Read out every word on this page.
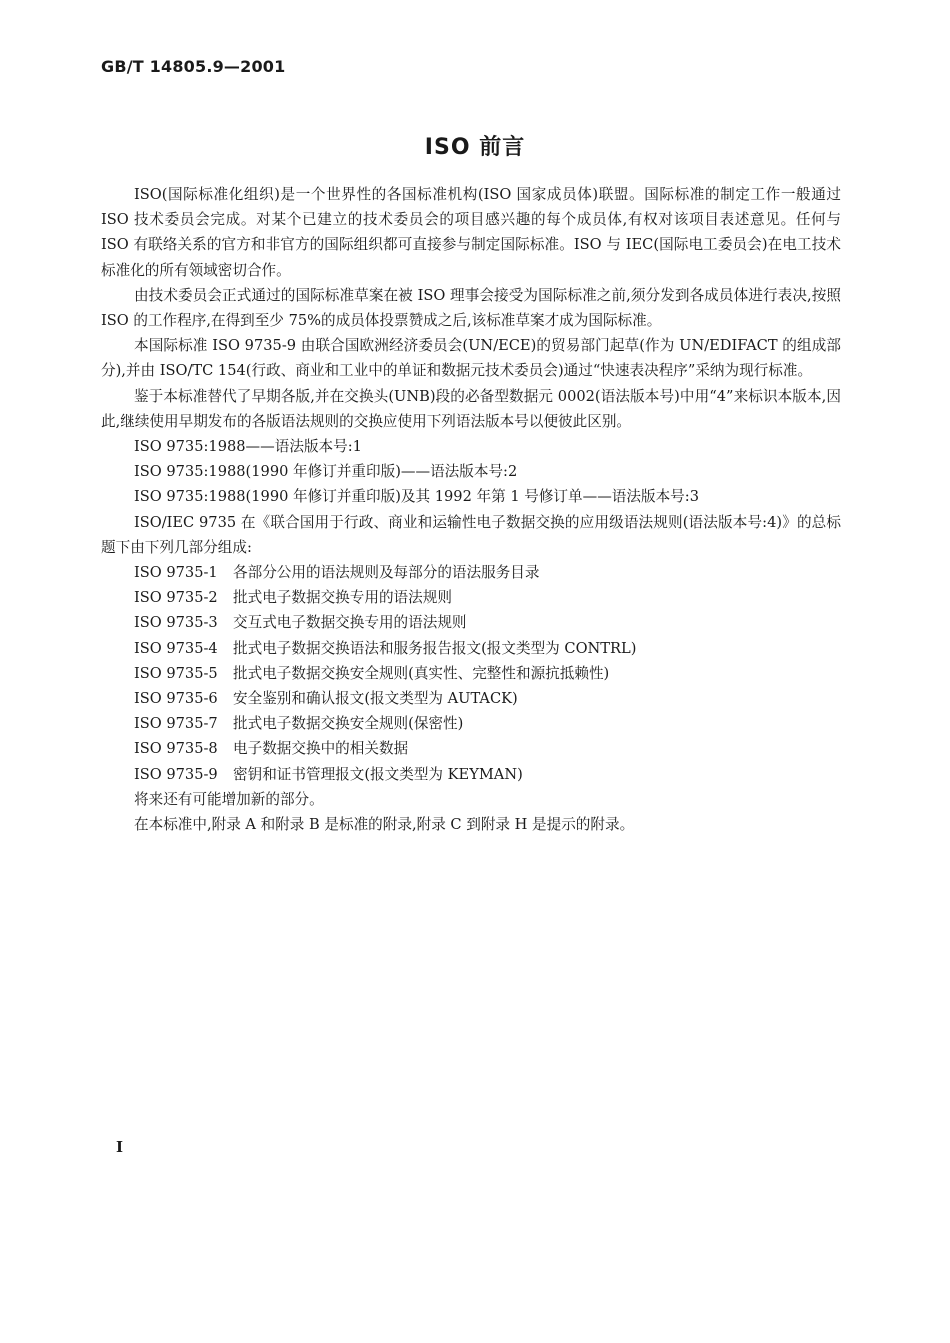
GB/T 14805.9—2001
ISO 前言

ISO(国际标准化组织)是一个世界性的各国标准机构(ISO 国家成员体)联盟。国际标准的制定工作一般通过 ISO 技术委员会完成。对某个已建立的技术委员会的项目感兴趣的每个成员体,有权对该项目表述意见。任何与 ISO 有联络关系的官方和非官方的国际组织都可直接参与制定国际标准。ISO 与 IEC(国际电工委员会)在电工技术标准化的所有领域密切合作。

由技术委员会正式通过的国际标准草案在被 ISO 理事会接受为国际标准之前,须分发到各成员体进行表决,按照 ISO 的工作程序,在得到至少 75%的成员体投票赞成之后,该标准草案才成为国际标准。

本国际标准 ISO 9735-9 由联合国欧洲经济委员会(UN/ECE)的贸易部门起草(作为 UN/EDIFACT 的组成部分),并由 ISO/TC 154(行政、商业和工业中的单证和数据元技术委员会)通过“快速表决程序”采纳为现行标准。

鉴于本标准替代了早期各版,并在交换头(UNB)段的必备型数据元 0002(语法版本号)中用“4”来标识本版本,因此,继续使用早期发布的各版语法规则的交换应使用下列语法版本号以便彼此区别。

ISO 9735:1988——语法版本号:1
ISO 9735:1988(1990 年修订并重印版)——语法版本号:2
ISO 9735:1988(1990 年修订并重印版)及其 1992 年第 1 号修订单——语法版本号:3

ISO/IEC 9735 在《联合国用于行政、商业和运输性电子数据交换的应用级语法规则(语法版本号:4)》的总标题下由下列几部分组成:

ISO 9735-1 各部分公用的语法规则及每部分的语法服务目录
ISO 9735-2 批式电子数据交换专用的语法规则
ISO 9735-3 交互式电子数据交换专用的语法规则
ISO 9735-4 批式电子数据交换语法和服务报告报文(报文类型为 CONTRL)
ISO 9735-5 批式电子数据交换安全规则(真实性、完整性和源抗抵赖性)
ISO 9735-6 安全鉴别和确认报文(报文类型为 AUTACK)
ISO 9735-7 批式电子数据交换安全规则(保密性)
ISO 9735-8 电子数据交换中的相关数据
ISO 9735-9 密钥和证书管理报文(报文类型为 KEYMAN)
将来还有可能增加新的部分。
在本标准中,附录 A 和附录 B 是标准的附录,附录 C 到附录 H 是提示的附录。
I
